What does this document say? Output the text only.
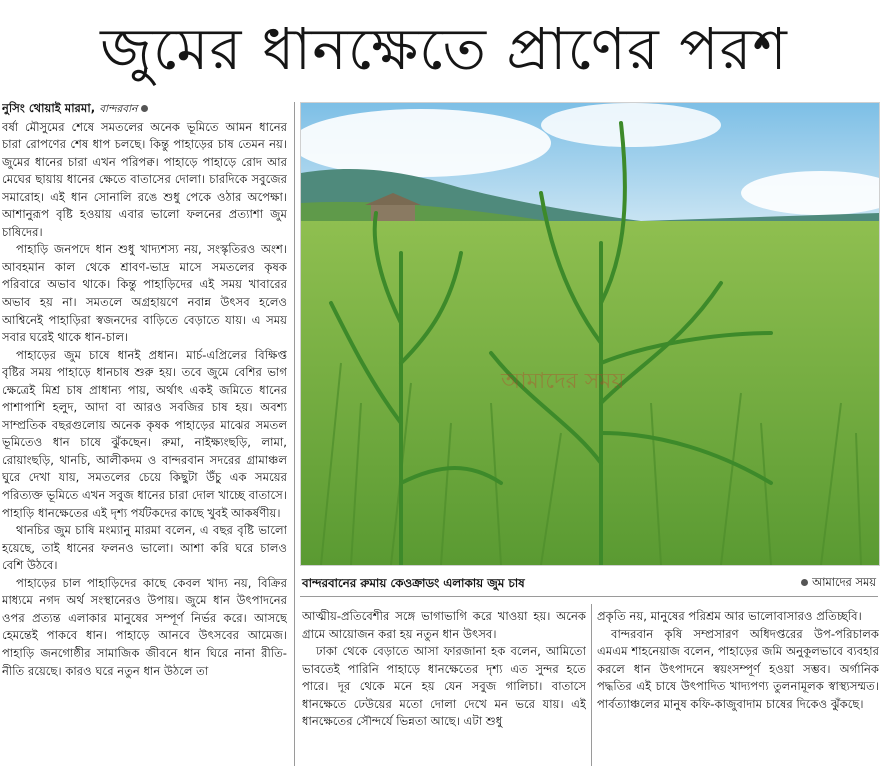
জুমের ধানক্ষেতে প্রাণের পরশ

নুসিং থোয়াই মারমা, বান্দরবান

বর্ষা মৌসুমের শেষে সমতলের অনেক ভূমিতে আমন ধানের চারা রোপণের শেষ ধাপ চলছে। কিন্তু পাহাড়ের চাষ তেমন নয়। জুমের ধানের চারা এখন পরিপক্ব। পাহাড়ে পাহাড়ে রোদ আর মেঘের ছায়ায় ধানের ক্ষেতে বাতাসের দোলা। চারদিকে সবুজের সমারোহ। এই ধান সোনালি রঙে শুধু পেকে ওঠার অপেক্ষা। আশানুরূপ বৃষ্টি হওয়ায় এবার ভালো ফলনের প্রত্যাশা জুম চাষিদের।

পাহাড়ি জনপদে ধান শুধু খাদ্যশস্য নয়, সংস্কৃতিরও অংশ। আবহমান কাল থেকে শ্রাবণ-ভাদ্র মাসে সমতলের কৃষক পরিবারে অভাব থাকে। কিন্তু পাহাড়িদের এই সময় খাবারের অভাব হয় না। সমতলে অগ্রহায়ণে নবান্ন উৎসব হলেও আশ্বিনেই পাহাড়িরা স্বজনদের বাড়িতে বেড়াতে যায়। এ সময় সবার ঘরেই থাকে ধান-চাল।

পাহাড়ের জুম চাষে ধানই প্রধান। মার্চ-এপ্রিলের বিক্ষিপ্ত বৃষ্টির সময় পাহাড়ে ধানচাষ শুরু হয়। তবে জুমে বেশির ভাগ ক্ষেত্রেই মিশ্র চাষ প্রাধান্য পায়, অর্থাৎ একই জমিতে ধানের পাশাপাশি হলুদ, আদা বা আরও সবজির চাষ হয়। অবশ্য সাম্প্রতিক বছরগুলোয় অনেক কৃষক পাহাড়ের মাঝের সমতল ভূমিতেও ধান চাষে ঝুঁকছেন। রুমা, নাইক্ষ্যংছড়ি, লামা, রোয়াংছড়ি, থানচি, আলীকদম ও বান্দরবান সদরের গ্রামাঞ্চল ঘুরে দেখা যায়, সমতলের চেয়ে কিছুটা উঁচু এক সময়ের পরিত্যক্ত ভূমিতে এখন সবুজ ধানের চারা দোল খাচ্ছে বাতাসে। পাহাড়ি ধানক্ষেতের এই দৃশ্য পর্যটকদের কাছে খুবই আকর্ষণীয়।

থানচির জুম চাষি মংম্যানু মারমা বলেন, এ বছর বৃষ্টি ভালো হয়েছে, তাই ধানের ফলনও ভালো। আশা করি ঘরে চালও বেশি উঠবে।

পাহাড়ের চাল পাহাড়িদের কাছে কেবল খাদ্য নয়, বিক্রির মাধ্যমে নগদ অর্থ সংস্থানেরও উপায়। জুমে ধান উৎপাদনের ওপর প্রত্যন্ত এলাকার মানুষের সম্পূর্ণ নির্ভর করে। আসছে হেমন্তেই পাকবে ধান। পাহাড়ে আনবে উৎসবের আমেজ। পাহাড়ি জনগোষ্ঠীর সামাজিক জীবনে ধান ঘিরে নানা রীতি-নীতি রয়েছে। কারও ঘরে নতুন ধান উঠলে তা

আমাদের সময়
বান্দরবানের রুমায় কেওক্রাডং এলাকায় জুম চাষ	আমাদের সময়

আত্মীয়-প্রতিবেশীর সঙ্গে ভাগাভাগি করে খাওয়া হয়। অনেক গ্রামে আয়োজন করা হয় নতুন ধান উৎসব।

ঢাকা থেকে বেড়াতে আসা ফারজানা হক বলেন, আমিতো ভাবতেই পারিনি পাহাড়ে ধানক্ষেতের দৃশ্য এত সুন্দর হতে পারে। দূর থেকে মনে হয় যেন সবুজ গালিচা। বাতাসে ধানক্ষেতে ঢেউয়ের মতো দোলা দেখে মন ভরে যায়। এই ধানক্ষেতের সৌন্দর্যে ভিন্নতা আছে। এটা শুধু

প্রকৃতি নয়, মানুষের পরিশ্রম আর ভালোবাসারও প্রতিচ্ছবি।

বান্দরবান কৃষি সম্প্রসারণ অধিদপ্তরের উপ-পরিচালক এমএম শাহনেয়াজ বলেন, পাহাড়ের জমি অনুকূলভাবে ব্যবহার করলে ধান উৎপাদনে স্বয়ংসম্পূর্ণ হওয়া সম্ভব। অর্গানিক পদ্ধতির এই চাষে উৎপাদিত খাদ্যপণ্য তুলনামূলক স্বাস্থ্যসম্মত। পার্বত্যাঞ্চলের মানুষ কফি-কাজুবাদাম চাষের দিকেও ঝুঁকছে।
